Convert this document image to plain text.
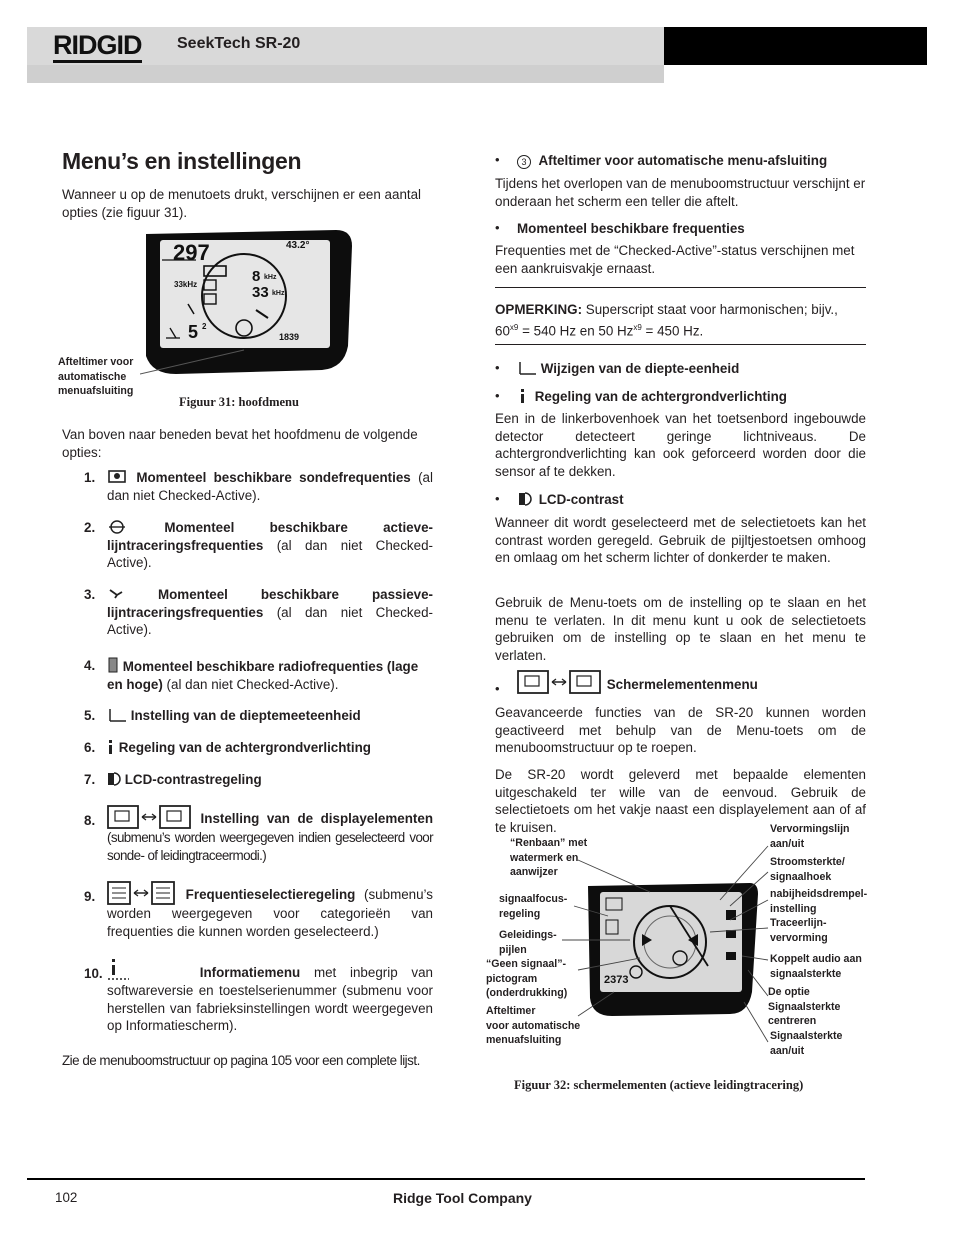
RIDGID SeekTech SR-20
Menu’s en instellingen
Wanneer u op de menutoets drukt, verschijnen er een aantal opties (zie figuur 31).
297	43.2°
8 kHz
33 kHz
33kHz
5 2
1839
Afteltimer voor
automatische
menuafsluiting
Figuur 31: hoofdmenu
Van boven naar beneden bevat het hoofdmenu de volgende opties:
1.	Momenteel beschikbare sondefrequenties (al dan niet Checked-Active).
2.	Momenteel beschikbare actieve-lijntraceringsfrequenties (al dan niet Checked-Active).
3.	Momenteel beschikbare passieve-lijntraceringsfrequenties (al dan niet Checked-Active).
4.	Momenteel beschikbare radiofrequenties (lage en hoge) (al dan niet Checked-Active).
5.	Instelling van de dieptemeeteenheid
6.	Regeling van de achtergrondverlichting
7.	LCD-contrastregeling
8.	Instelling van de displayelementen (submenu’s worden weergegeven indien geselecteerd voor sonde- of leidingtraceermodi.)
9.	Frequentieselectieregeling (submenu’s worden weergegeven voor categorieën van frequenties die kunnen worden geselecteerd.)
10.	Informatiemenu met inbegrip van softwareversie en toestelserienummer (submenu voor herstellen van fabrieksinstellingen wordt weergegeven op Informatiescherm).
Zie de menuboomstructuur op pagina 105 voor een complete lijst.
•	3 Afteltimer voor automatische menu-afsluiting
Tijdens het overlopen van de menuboomstructuur verschijnt er onderaan het scherm een teller die aftelt.
• Momenteel beschikbare frequenties
Frequenties met de “Checked-Active”-status verschijnen met een aankruisvakje ernaast.
OPMERKING: Superscript staat voor harmonischen; bijv.,
$60^{x9} = 540$ Hz en 50 $Hz^{x9} = 450$ Hz.
•	Wijzigen van de diepte-eenheid
•	Regeling van de achtergrondverlichting
Een in de linkerbovenhoek van het toetsenbord ingebouwde detector detecteert geringe lichtniveaus. De achtergrondverlichting kan ook geforceerd worden door die sensor af te dekken.
•	LCD-contrast
Wanneer dit wordt geselecteerd met de selectietoets kan het contrast worden geregeld. Gebruik de pijltjestoetsen omhoog en omlaag om het scherm lichter of donkerder te maken.
Gebruik de Menu-toets om de instelling op te slaan en het menu te verlaten. In dit menu kunt u ook de selectietoets gebruiken om de instelling op te slaan en het menu te verlaten.
•	Schermelementenmenu
Geavanceerde functies van de SR-20 kunnen worden geactiveerd met behulp van de Menu-toets om de menuboomstructuur op te roepen.
De SR-20 wordt geleverd met bepaalde elementen uitgeschakeld ter wille van de eenvoud. Gebruik de selectietoets om het vakje naast een displayelement aan of af te kruisen.
2373
“Renbaan” met
watermerk en
aanwijzer
signaalfocus-
regeling
Geleidings-
pijlen
“Geen signaal”-
pictogram
(onderdrukking)
Afteltimer
voor automatische
menuafsluiting
Vervormingslijn
aan/uit
Stroomsterkte/
signaalhoek
nabijheidsdrempel-
instelling
Traceerlijn-
vervorming
Koppelt audio aan
signaalsterkte
De optie
Signaalsterkte
centreren
Signaalsterkte
aan/uit
Figuur 32: schermelementen (actieve leidingtracering)
102	Ridge Tool Company
